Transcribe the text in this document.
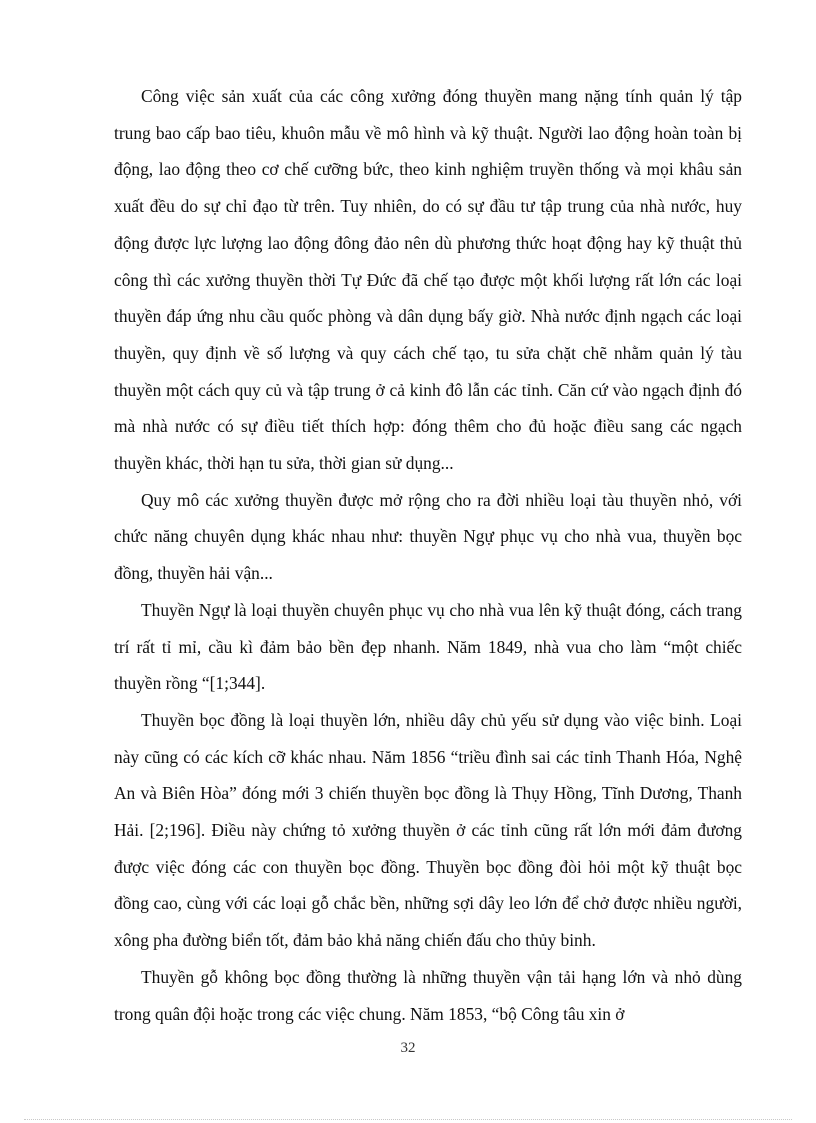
Công việc sản xuất của các công xưởng đóng thuyền mang nặng tính quản lý tập trung bao cấp bao tiêu, khuôn mẫu về mô hình và kỹ thuật. Người lao động hoàn toàn bị động, lao động theo cơ chế cưỡng bức, theo kinh nghiệm truyền thống và mọi khâu sản xuất đều do sự chỉ đạo từ trên. Tuy nhiên, do có sự đầu tư tập trung của nhà nước, huy động được lực lượng lao động đông đảo nên dù phương thức hoạt động hay kỹ thuật thủ công thì các xưởng thuyền thời Tự Đức đã chế tạo được một khối lượng rất lớn các loại thuyền đáp ứng nhu cầu quốc phòng và dân dụng bấy giờ. Nhà nước định ngạch các loại thuyền, quy định về số lượng và quy cách chế tạo, tu sửa chặt chẽ nhằm quản lý tàu thuyền một cách quy củ và tập trung ở cả kinh đô lẫn các tỉnh. Căn cứ vào ngạch định đó mà nhà nước có sự điều tiết thích hợp: đóng thêm cho đủ hoặc điều sang các ngạch thuyền khác, thời hạn tu sửa, thời gian sử dụng...

Quy mô các xưởng thuyền được mở rộng cho ra đời nhiều loại tàu thuyền nhỏ, với chức năng chuyên dụng khác nhau như: thuyền Ngự phục vụ cho nhà vua, thuyền bọc đồng, thuyền hải vận...

Thuyền Ngự là loại thuyền chuyên phục vụ cho nhà vua lên kỹ thuật đóng, cách trang trí rất tỉ mỉ, cầu kì đảm bảo bền đẹp nhanh. Năm 1849, nhà vua cho làm “một chiếc thuyền rồng “[1;344].

Thuyền bọc đồng là loại thuyền lớn, nhiều dây chủ yếu sử dụng vào việc binh. Loại này cũng có các kích cỡ khác nhau. Năm 1856 “triều đình sai các tỉnh Thanh Hóa, Nghệ An và Biên Hòa” đóng mới 3 chiến thuyền bọc đồng là Thụy Hồng, Tĩnh Dương, Thanh Hải. [2;196]. Điều này chứng tỏ xưởng thuyền ở các tỉnh cũng rất lớn mới đảm đương được việc đóng các con thuyền bọc đồng. Thuyền bọc đồng đòi hỏi một kỹ thuật bọc đồng cao, cùng với các loại gỗ chắc bền, những sợi dây leo lớn để chở được nhiều người, xông pha đường biển tốt, đảm bảo khả năng chiến đấu cho thủy binh.

Thuyền gỗ không bọc đồng thường là những thuyền vận tải hạng lớn và nhỏ dùng trong quân đội hoặc trong các việc chung. Năm 1853, “bộ Công tâu xin ở

32
